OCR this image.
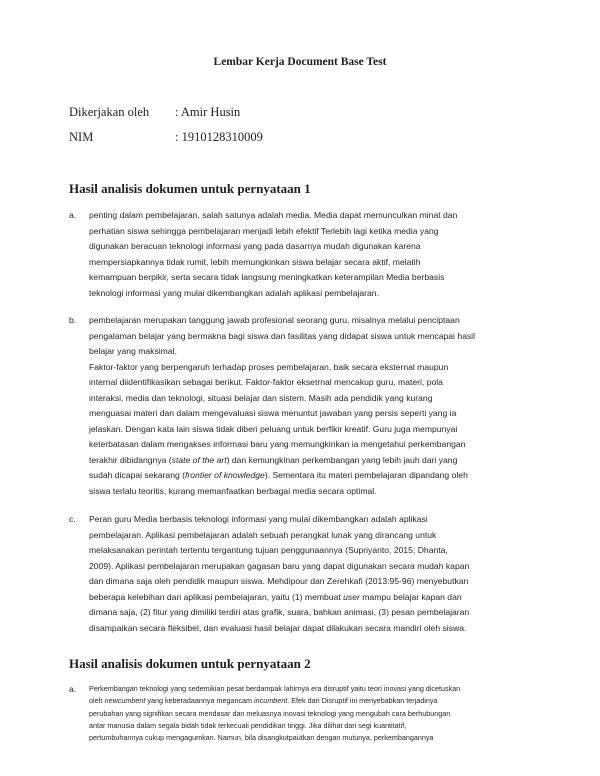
Lembar Kerja Document Base Test
Dikerjakan oleh : Amir Husin
NIM	: 1910128310009
Hasil analisis dokumen untuk pernyataan 1
a. penting dalam pembelajaran, salah satunya adalah media. Media dapat memunculkan minat dan
perhatian siswa sehingga pembelajaran menjadi lebih efektif Terlebih lagi ketika media yang
digunakan beracuan teknologi informasi yang pada dasarnya mudah digunakan karena
mempersiapkannya tidak rumit, lebih memungkinkan siswa belajar secara aktif, melatih
kemampuan berpikir, serta secara tidak langsung meningkatkan keterampilan Media berbasis
teknologi informasi yang mulai dikembangkan adalah aplikasi pembelajaran.
b. pembelajaran merupakan tanggung jawab profesional seorang guru, misalnya melalui penciptaan
pengalaman belajar yang bermakna bagi siswa dan fasilitas yang didapat siswa untuk mencapai hasil
belajar yang maksimal.
Faktor-faktor yang berpengaruh terhadap proses pembelajaran, baik secara eksternal maupun
internal diidentifikasikan sebagai berikut. Faktor-faktor eksetrnal mencakup guru, materi, pola
interaksi, media dan teknologi, situasi belajar dan sistem. Masih ada pendidik yang kurang
menguasai materi dan dalam mengevaluasi siswa menuntut jawaban yang persis seperti yang ia
jelaskan. Dengan kata lain siswa tidak diberi peluang untuk berfikir kreatif. Guru juga mempunyai
keterbatasan dalam mengakses informasi baru yang memungkinkan ia mengetahui perkembangan
terakhir dibidangnya (state of the art) dan kemungkinan perkembangan yang lebih jauh dari yang
sudah dicapai sekarang (frontier of knowledge). Sementara itu materi pembelajaran dipandang oleh
siswa terlalu teoritis, kurang memanfaatkan berbagai media secara optimal.
c. Peran guru Media berbasis teknologi informasi yang mulai dikembangkan adalah aplikasi
pembelajaran. Aplikasi pembelajaran adalah sebuah perangkat lunak yang dirancang untuk
melaksanakan perintah tertentu tergantung tujuan penggunaannya (Supriyanto, 2015; Dhanta,
2009). Aplikasi pembelajaran merupakan gagasan baru yang dapat digunakan secara mudah kapan
dan dimana saja oleh pendidik maupun siswa. Mehdipour dan Zerehkafi (2013:95-96) menyebutkan
beberapa kelebihan dari aplikasi pembelajaran, yaitu (1) membuat user mampu belajar kapan dan
dimana saja, (2) fitur yang dimiliki terdiri atas grafik, suara, bahkan animasi, (3) pesan pembelajaran
disampaikan secara fleksibel, dan evaluasi hasil belajar dapat dilakukan secara mandiri oleh siswa.
Hasil analisis dokumen untuk pernyataan 2
a. Perkembangan teknologi yang sedemikian pesat berdampak lahirnya era disruptif yaitu teori inovasi yang dicetuskan
oleh newcumbent yang keberadaannya megancam incumbent. Efek dari Disruptif ini menyebabkan terjadinya
perubahan yang signifikan secara mendasar dan meluasnya inovasi teknologi yang mengubah cara berhubungan
antar manusia dalam segala bidah tidak terkecuali pendidikan tinggi. Jika dilihat dari segi kuantitatif,
pertumbuhannya cukup mengagumkan. Namun, bila disangkutpautkan dengan mutunya, perkembangannya
